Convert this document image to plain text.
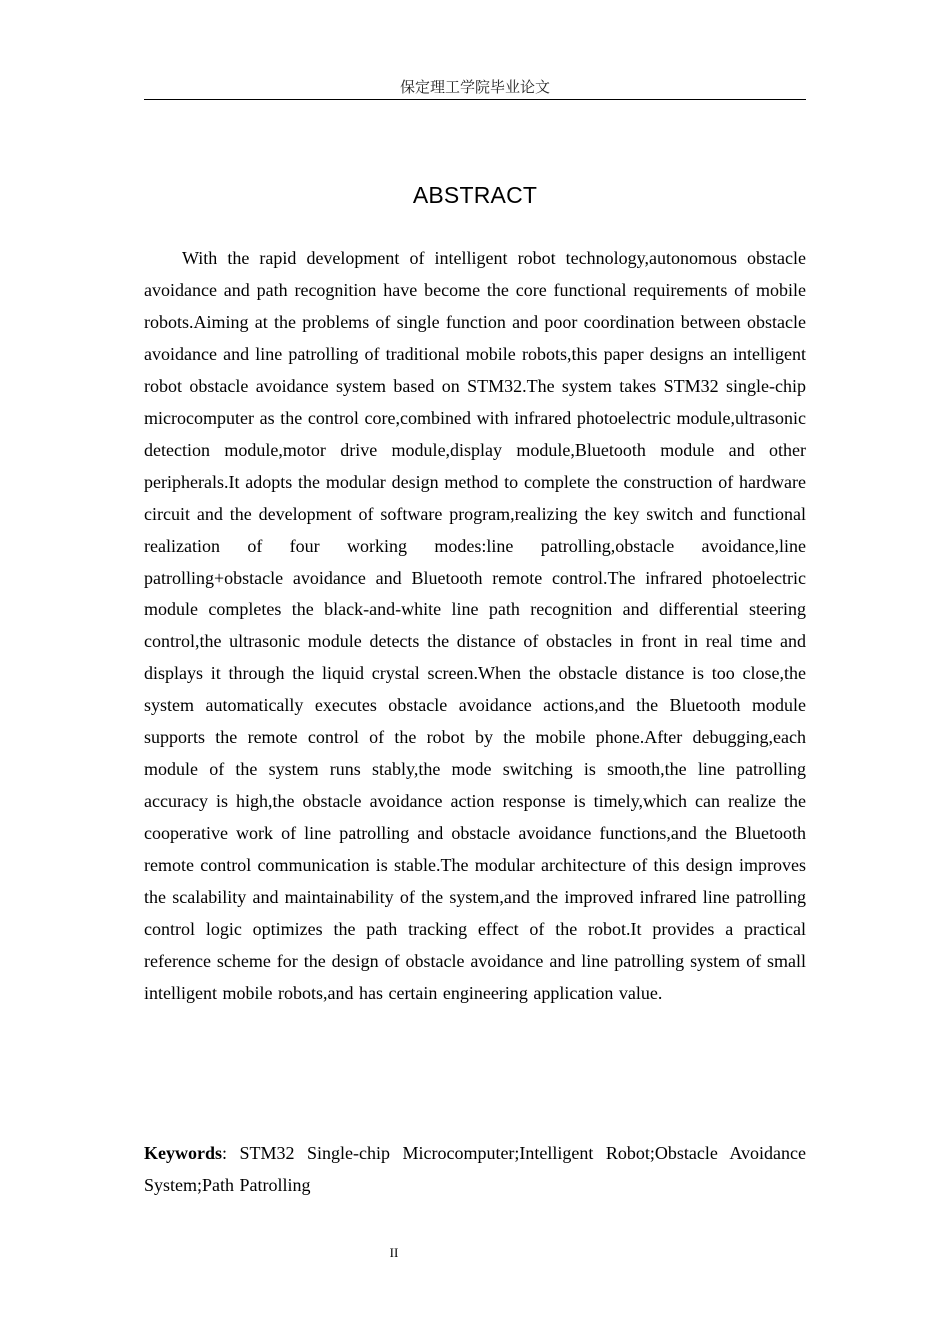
保定理工学院毕业论文
ABSTRACT

With the rapid development of intelligent robot technology,autonomous obstacle avoidance and path recognition have become the core functional requirements of mobile robots.Aiming at the problems of single function and poor coordination between obstacle avoidance and line patrolling of traditional mobile robots,this paper designs an intelligent robot obstacle avoidance system based on STM32.The system takes STM32 single-chip microcomputer as the control core,combined with infrared photoelectric module,ultrasonic detection module,motor drive module,display module,Bluetooth module and other peripherals.It adopts the modular design method to complete the construction of hardware circuit and the development of software program,realizing the key switch and functional realization of four working modes:line patrolling,obstacle avoidance,line patrolling+obstacle avoidance and Bluetooth remote control.The infrared photoelectric module completes the black-and-white line path recognition and differential steering control,the ultrasonic module detects the distance of obstacles in front in real time and displays it through the liquid crystal screen.When the obstacle distance is too close,the system automatically executes obstacle avoidance actions,and the Bluetooth module supports the remote control of the robot by the mobile phone.After debugging,each module of the system runs stably,the mode switching is smooth,the line patrolling accuracy is high,the obstacle avoidance action response is timely,which can realize the cooperative work of line patrolling and obstacle avoidance functions,and the Bluetooth remote control communication is stable.The modular architecture of this design improves the scalability and maintainability of the system,and the improved infrared line patrolling control logic optimizes the path tracking effect of the robot.It provides a practical reference scheme for the design of obstacle avoidance and line patrolling system of small intelligent mobile robots,and has certain engineering application value.

Keywords: STM32 Single-chip Microcomputer;Intelligent Robot;Obstacle Avoidance System;Path Patrolling

II
